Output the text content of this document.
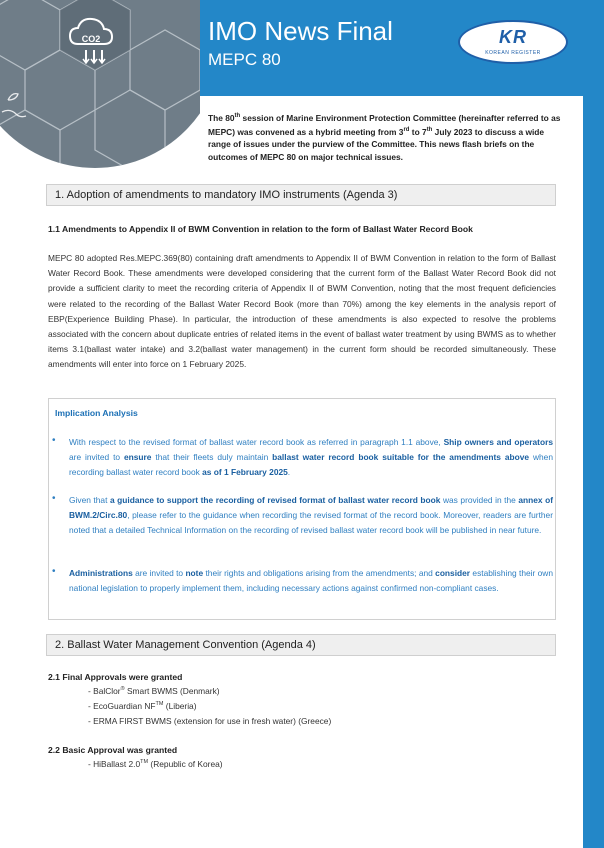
CO2	IMO News Final
MEPC 80
KR
KOREAN REGISTER
The 80th session of Marine Environment Protection Committee (hereinafter referred to as MEPC) was convened as a hybrid meeting from 3rd to 7th July 2023 to discuss a wide range of issues under the purview of the Committee. This news flash briefs on the outcomes of MEPC 80 on major technical issues.
1. Adoption of amendments to mandatory IMO instruments (Agenda 3)
1.1 Amendments to Appendix II of BWM Convention in relation to the form of Ballast Water Record Book
MEPC 80 adopted Res.MEPC.369(80) containing draft amendments to Appendix II of BWM Convention in relation to the form of Ballast Water Record Book. These amendments were developed considering that the current form of the Ballast Water Record Book did not provide a sufficient clarity to meet the recording criteria of Appendix II of BWM Convention, noting that the most frequent deficiencies were related to the recording of the Ballast Water Record Book (more than 70%) among the key elements in the analysis report of EBP(Experience Building Phase). In particular, the introduction of these amendments is also expected to resolve the problems associated with the concern about duplicate entries of related items in the event of ballast water treatment by using BWMS as to whether items 3.1(ballast water intake) and 3.2(ballast water management) in the current form should be recorded simultaneously. These amendments will enter into force on 1 February 2025.
Implication Analysis
•	With respect to the revised format of ballast water record book as referred in paragraph 1.1 above, Ship owners and operators are invited to ensure that their fleets duly maintain ballast water record book suitable for the amendments above when recording ballast water record book as of 1 February 2025.
•	Given that a guidance to support the recording of revised format of ballast water record book was provided in the annex of BWM.2/Circ.80, please refer to the guidance when recording the revised format of the record book. Moreover, readers are further noted that a detailed Technical Information on the recording of revised ballast water record book will be published in near future.
•	Administrations are invited to note their rights and obligations arising from the amendments; and consider establishing their own national legislation to properly implement them, including necessary actions against confirmed non-compliant cases.
2. Ballast Water Management Convention (Agenda 4)
2.1 Final Approvals were granted
- BalClor® Smart BWMS (Denmark)
- EcoGuardian NF™ (Liberia)
- ERMA FIRST BWMS (extension for use in fresh water) (Greece)
2.2 Basic Approval was granted
- HiBallast 2.0™ (Republic of Korea)
